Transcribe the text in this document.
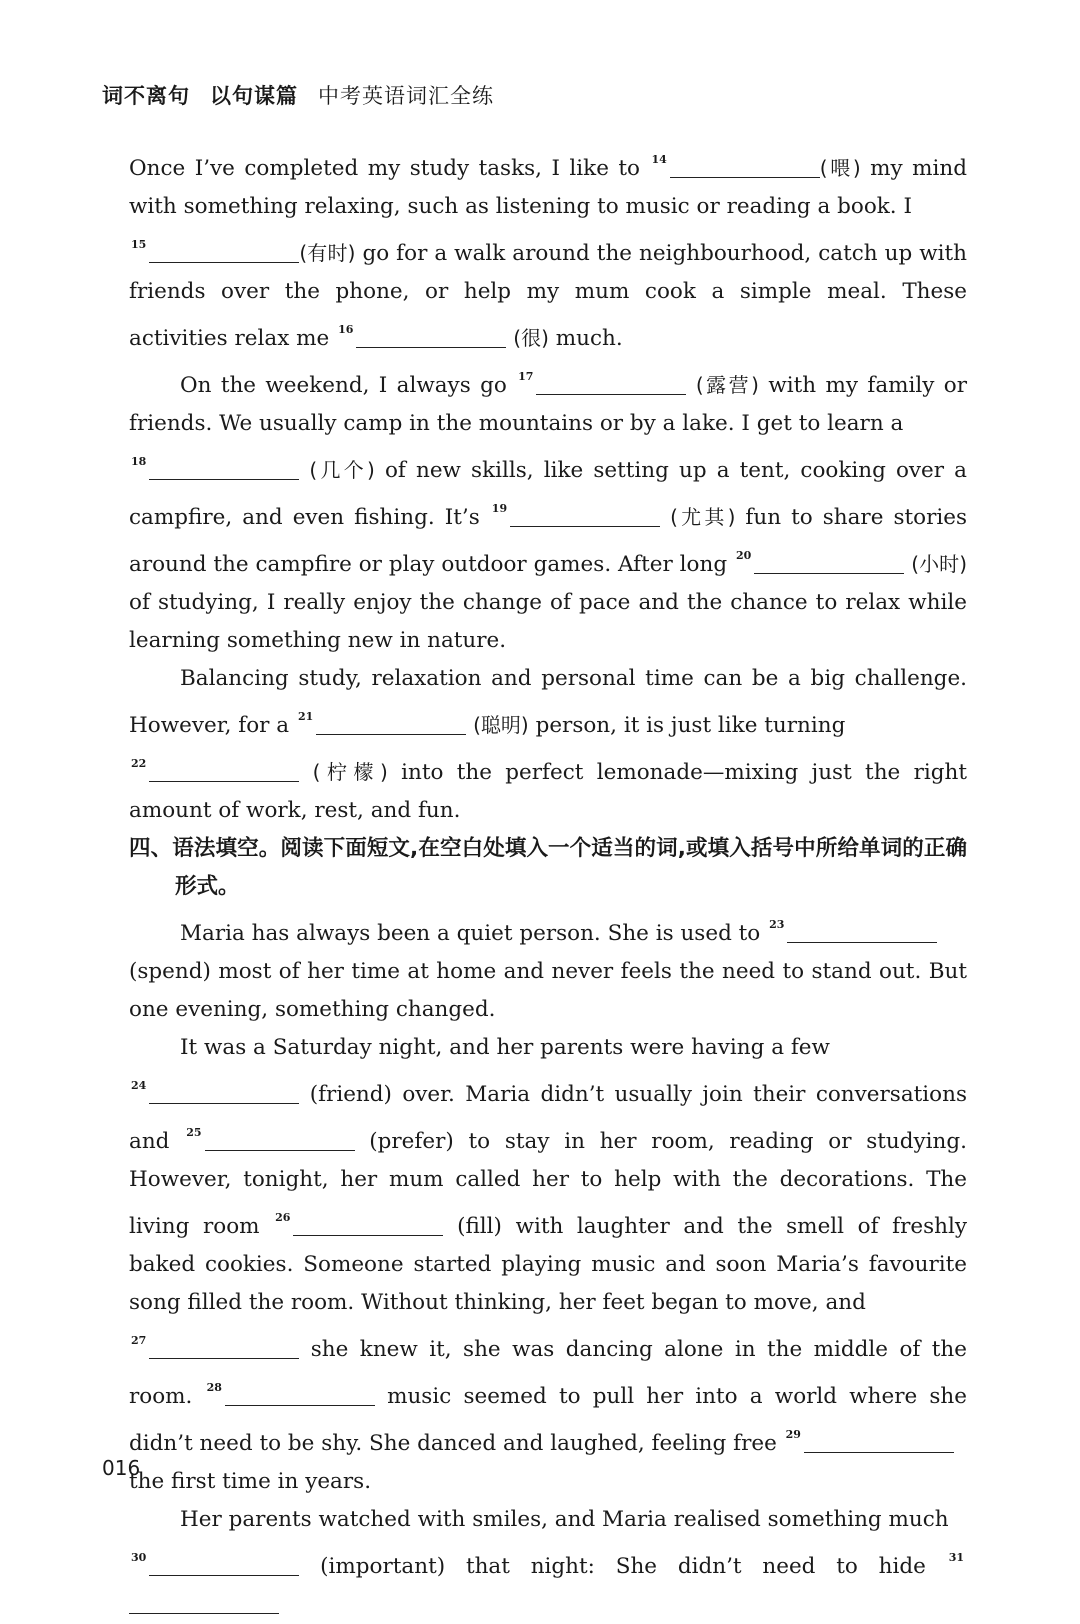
词不离句 以句谋篇 中考英语词汇全练

Once I’ve completed my study tasks, I like to $^{14}$	(喂) my mind with something relaxing, such as listening to music or reading a book. I
$^{15}$	(有时) go for a walk around the neighbourhood, catch up with friends over the phone, or help my mum cook a simple meal. These activities relax me $^{16}$	(很) much.

On the weekend, I always go $^{17}$	(露营) with my family or friends. We usually camp in the mountains or by a lake. I get to learn a
$^{18}$	(几个) of new skills, like setting up a tent, cooking over a campfire, and even fishing. It’s $^{19}$	(尤其) fun to share stories around the campfire or play outdoor games. After long $^{20}$	(小时) of studying, I really enjoy the change of pace and the chance to relax while learning something new in nature.

Balancing study, relaxation and personal time can be a big challenge. However, for a $^{21}$	(聪明) person, it is just like turning
$^{22}$	(柠檬) into the perfect lemonade—mixing just the right amount of work, rest, and fun.

四、语法填空。阅读下面短文,在空白处填入一个适当的词,或填入括号中所给单词的正确形式。

Maria has always been a quiet person. She is used to $^{23}$
(spend) most of her time at home and never feels the need to stand out. But one evening, something changed.

It was a Saturday night, and her parents were having a few
$^{24}$	(friend) over. Maria didn’t usually join their conversations and $^{25}$	(prefer) to stay in her room, reading or studying. However, tonight, her mum called her to help with the decorations. The living room $^{26}$	(fill) with laughter and the smell of freshly baked cookies. Someone started playing music and soon Maria’s favourite song filled the room. Without thinking, her feet began to move, and
$^{27}$	she knew it, she was dancing alone in the middle of the room. $^{28}$	music seemed to pull her into a world where she didn’t need to be shy. She danced and laughed, feeling free $^{29}$
the first time in years.

Her parents watched with smiles, and Maria realised something much
$^{30}$	(important) that night: She didn’t need to hide $^{31}$

016
